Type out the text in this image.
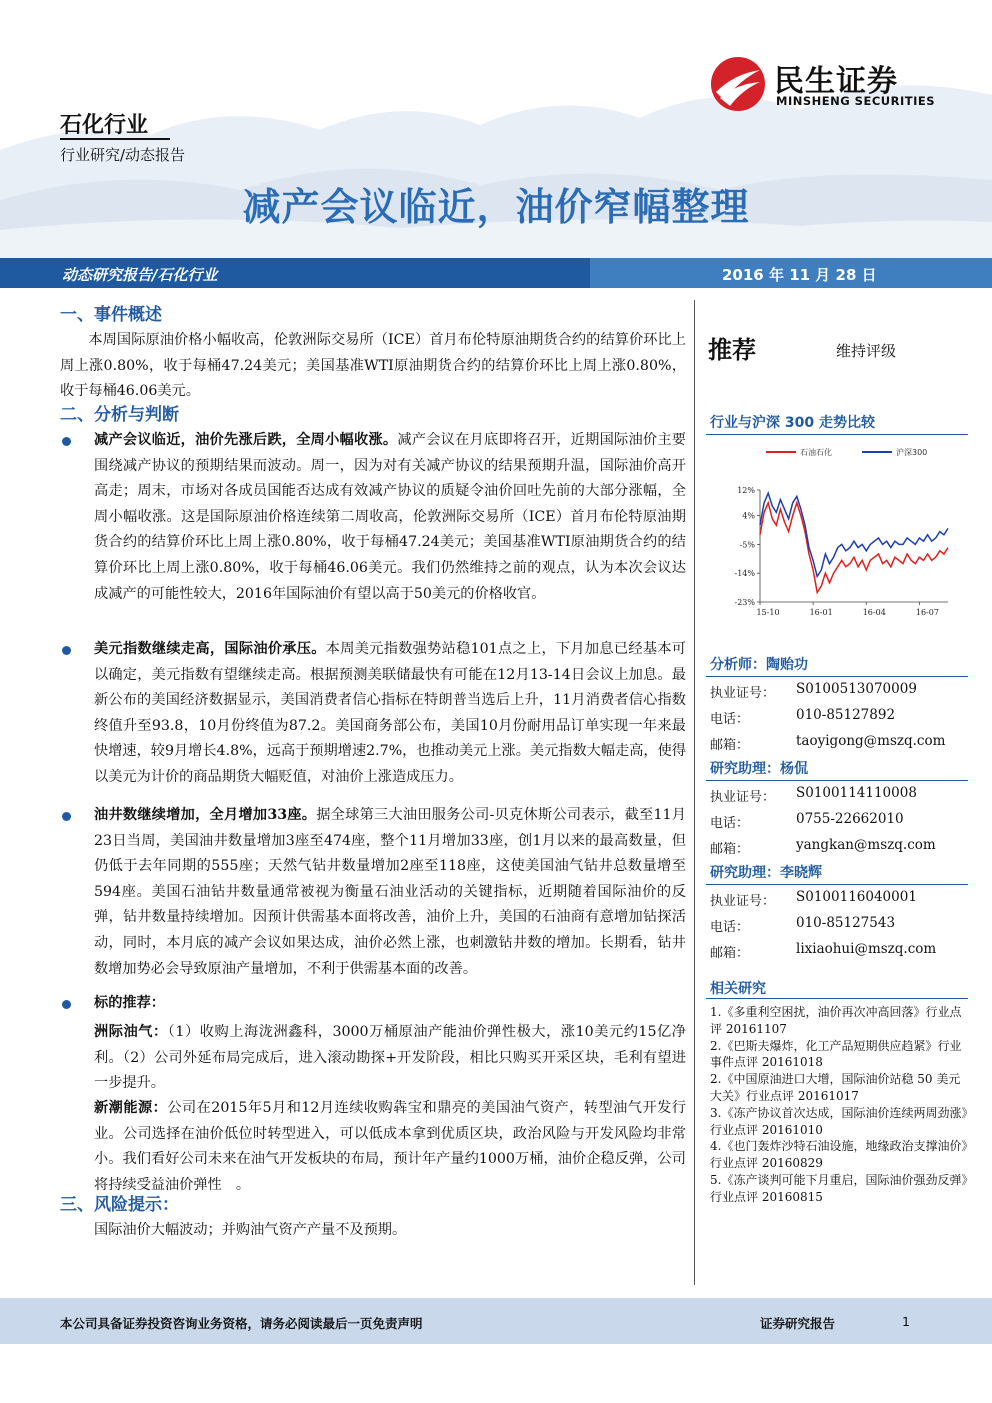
民生证券
MINSHENG SECURITIES
石化行业
行业研究/动态报告
减产会议临近，油价窄幅整理
动态研究报告/石化行业	2016 年 11 月 28 日
一、事件概述
本周国际原油价格小幅收高，伦敦洲际交易所（ICE）首月布伦特原油期货合约的结算价环比上周上涨0.80%，收于每桶47.24美元；美国基准WTI原油期货合约的结算价环比上周上涨0.80%，收于每桶46.06美元。
二、分析与判断
减产会议临近，油价先涨后跌，全周小幅收涨。减产会议在月底即将召开，近期国际油价主要围绕减产协议的预期结果而波动。周一，因为对有关减产协议的结果预期升温，国际油价高开高走；周末，市场对各成员国能否达成有效减产协议的质疑令油价回吐先前的大部分涨幅，全周小幅收涨。这是国际原油价格连续第二周收高，伦敦洲际交易所（ICE）首月布伦特原油期货合约的结算价环比上周上涨0.80%，收于每桶47.24美元；美国基准WTI原油期货合约的结算价环比上周上涨0.80%，收于每桶46.06美元。我们仍然维持之前的观点，认为本次会议达成减产的可能性较大，2016年国际油价有望以高于50美元的价格收官。
美元指数继续走高，国际油价承压。本周美元指数强势站稳101点之上，下月加息已经基本可以确定，美元指数有望继续走高。根据预测美联储最快有可能在12月13-14日会议上加息。最新公布的美国经济数据显示，美国消费者信心指标在特朗普当选后上升，11月消费者信心指数终值升至93.8，10月份终值为87.2。美国商务部公布，美国10月份耐用品订单实现一年来最快增速，较9月增长4.8%，远高于预期增速2.7%，也推动美元上涨。美元指数大幅走高，使得以美元为计价的商品期货大幅贬值，对油价上涨造成压力。
油井数继续增加，全月增加33座。据全球第三大油田服务公司-贝克休斯公司表示，截至11月23日当周，美国油井数量增加3座至474座，整个11月增加33座，创1月以来的最高数量，但仍低于去年同期的555座；天然气钻井数量增加2座至118座，这使美国油气钻井总数量增至594座。美国石油钻井数量通常被视为衡量石油业活动的关键指标，近期随着国际油价的反弹，钻井数量持续增加。因预计供需基本面将改善，油价上升，美国的石油商有意增加钻探活动，同时，本月底的减产会议如果达成，油价必然上涨，也刺激钻井数的增加。长期看，钻井数增加势必会导致原油产量增加，不利于供需基本面的改善。
标的推荐：
洲际油气：（1）收购上海泷洲鑫科，3000万桶原油产能油价弹性极大，涨10美元约15亿净利。（2）公司外延布局完成后，进入滚动勘探+开发阶段，相比只购买开采区块，毛利有望进一步提升。
新潮能源：公司在2015年5月和12月连续收购犇宝和鼎亮的美国油气资产，转型油气开发行业。公司选择在油价低位时转型进入，可以低成本拿到优质区块，政治风险与开发风险均非常小。我们看好公司未来在油气开发板块的布局，预计年产量约1000万桶，油价企稳反弹，公司将持续受益油价弹性　。
三、风险提示：
国际油价大幅波动；并购油气资产产量不及预期。
推荐	维持评级
行业与沪深 300 走势比较
石油石化	沪深300
12%
4%
-5%
-14%
-23%
15-10	16-01	16-04	16-07
分析师：陶贻功
执业证号： S0100513070009
电话：	010-85127892
邮箱：	taoyigong@mszq.com
研究助理：杨侃
执业证号： S0100114110008
电话：	0755-22662010
邮箱：	yangkan@mszq.com
研究助理：李晓辉
执业证号： S0100116040001
电话：	010-85127543
邮箱：	lixiaohui@mszq.com
相关研究
1.《多重利空困扰，油价再次冲高回落》行业点评 20161107
2.《巴斯夫爆炸，化工产品短期供应趋紧》行业事件点评 20161018
2.《中国原油进口大增，国际油价站稳 50 美元大关》行业点评 20161017
3.《冻产协议首次达成，国际油价连续两周劲涨》行业点评 20161010
4.《也门轰炸沙特石油设施，地缘政治支撑油价》行业点评 20160829
5.《冻产谈判可能下月重启，国际油价强劲反弹》行业点评 20160815
本公司具备证券投资咨询业务资格，请务必阅读最后一页免责声明	证券研究报告	1
